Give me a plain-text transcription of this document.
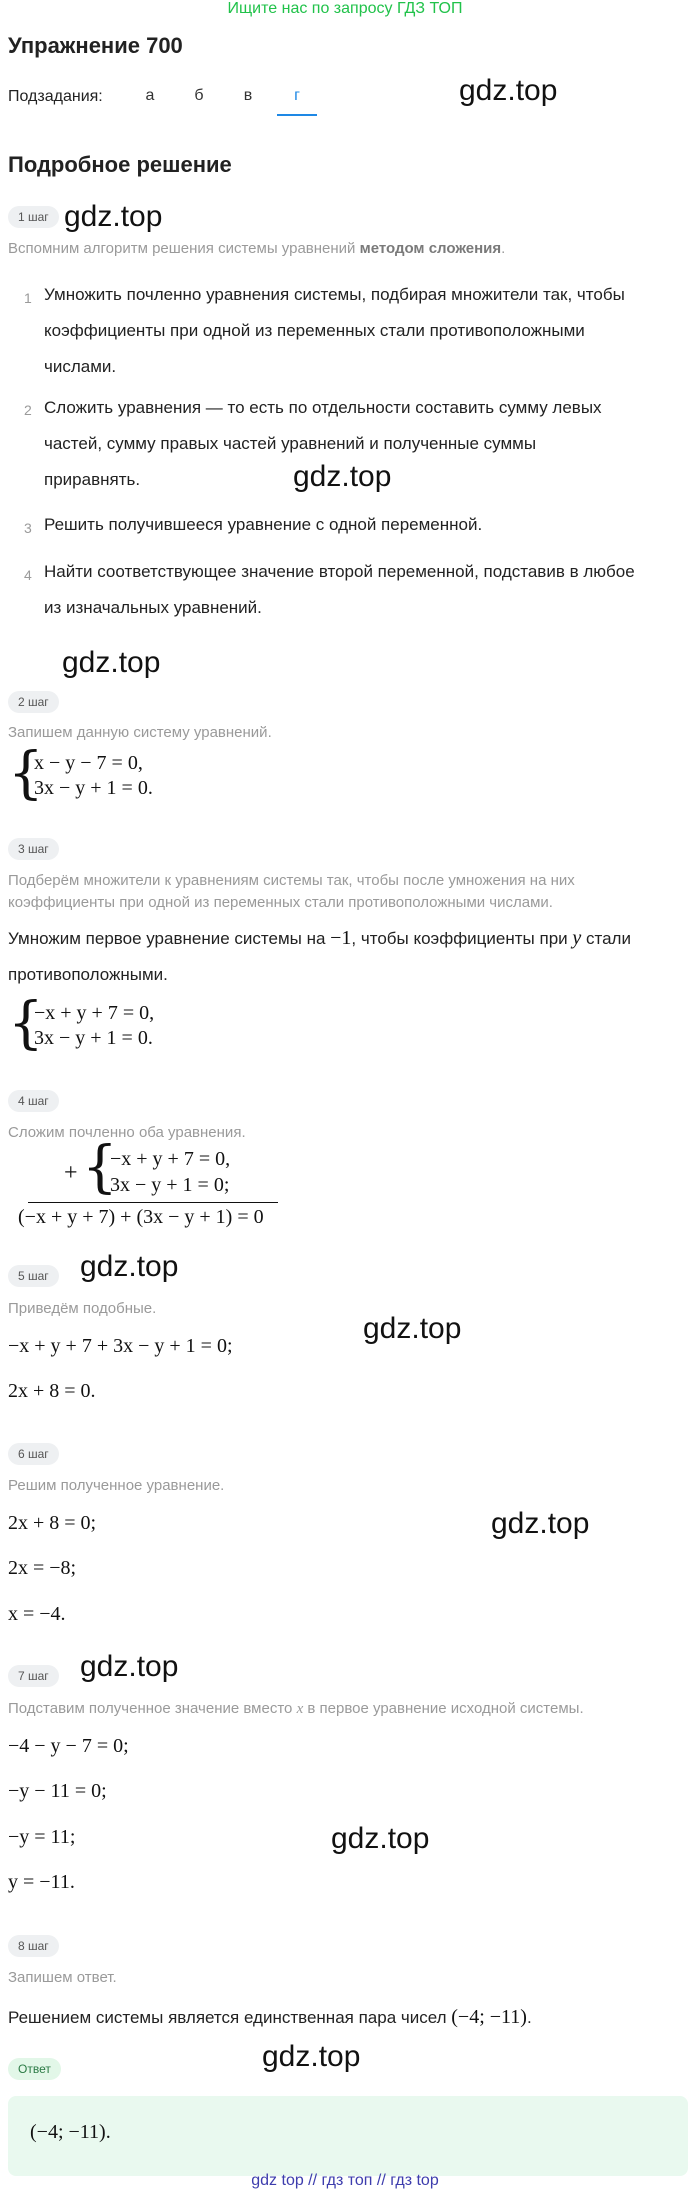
Ищите нас по запросу ГДЗ ТОП
Упражнение 700
Подзадания:	а	б	в	г	gdz.top
Подробное решение
1 шаг gdz.top
Вспомним алгоритм решения системы уравнений методом сложения.
1 Умножить почленно уравнения системы, подбирая множители так, чтобы
коэффициенты при одной из переменных стали противоположными
числами.
2 Сложить уравнения — то есть по отдельности составить сумму левых
частей, сумму правых частей уравнений и полученные суммы
приравнять.	gdz.top
3 Решить получившееся уравнение с одной переменной.
4 Найти соответствующее значение второй переменной, подставив в любое
из изначальных уравнений.
gdz.top
2 шаг
Запишем данную систему уравнений.
{
x − y − 7 = 0,
3x − y + 1 = 0.
3 шаг
Подберём множители к уравнениям системы так, чтобы после умножения на них
коэффициенты при одной из переменных стали противоположными числами.
Умножим первое уравнение системы на −1, чтобы коэффициенты при y стали
противоположными.
{
−x + y + 7 = 0,
3x − y + 1 = 0.
4 шаг
Сложим почленно оба уравнения.
+ {
−x + y + 7 = 0,
3x − y + 1 = 0;
(−x + y + 7) + (3x − y + 1) = 0
5 шаг	gdz.top
Приведём подобные.
gdz.top
−x + y + 7 + 3x − y + 1 = 0;
2x + 8 = 0.
6 шаг
Решим полученное уравнение.
gdz.top
2x + 8 = 0;
2x = −8;
x = −4.
7 шаг	gdz.top
Подставим полученное значение вместо x в первое уравнение исходной системы.
−4 − y − 7 = 0;
−y − 11 = 0;
−y = 11;	gdz.top
y = −11.
8 шаг
Запишем ответ.
Решением системы является единственная пара чисел (−4; −11).
Ответ	gdz.top
(−4; −11).
gdz top // гдз топ // гдз top
